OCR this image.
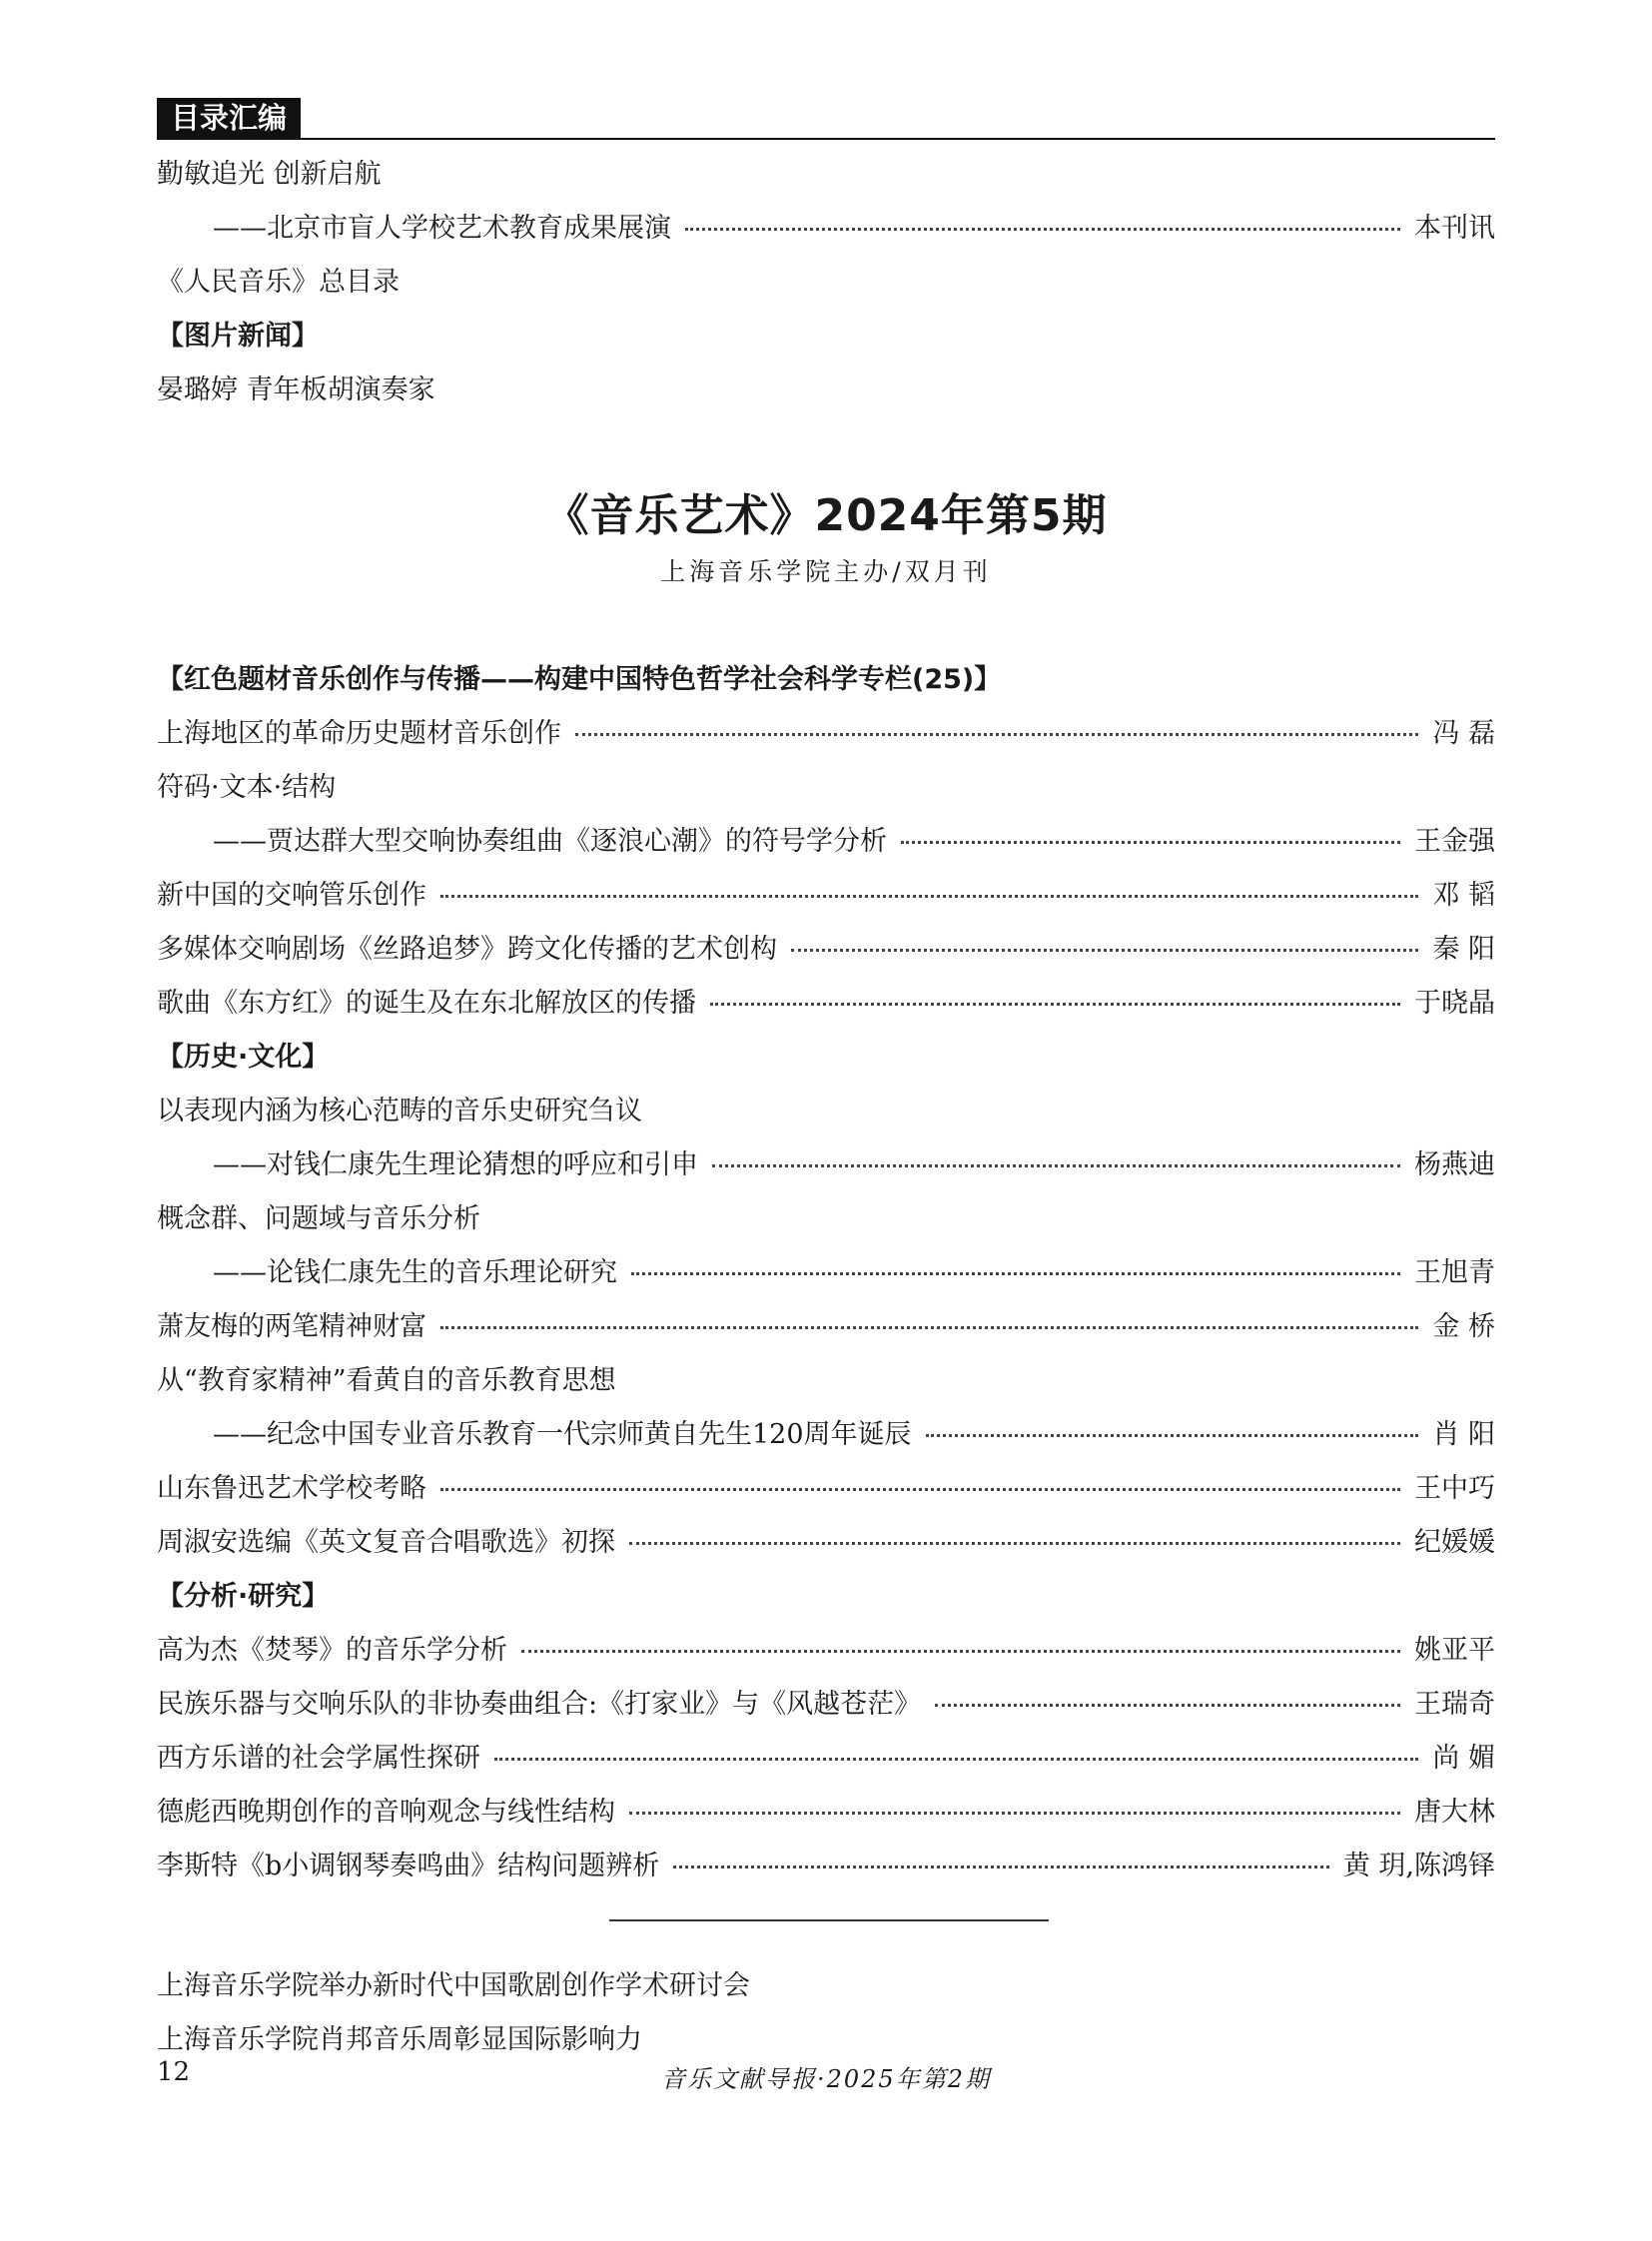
目录汇编
勤敏追光 创新启航
——北京市盲人学校艺术教育成果展演	本刊讯
《人民音乐》总目录
【图片新闻】
晏璐婷 青年板胡演奏家
《音乐艺术》2024年第5期
上海音乐学院主办/双月刊
【红色题材音乐创作与传播——构建中国特色哲学社会科学专栏(25)】
上海地区的革命历史题材音乐创作	冯 磊
符码·文本·结构
——贾达群大型交响协奏组曲《逐浪心潮》的符号学分析	王金强
新中国的交响管乐创作	邓 韬
多媒体交响剧场《丝路追梦》跨文化传播的艺术创构	秦 阳
歌曲《东方红》的诞生及在东北解放区的传播	于晓晶
【历史·文化】
以表现内涵为核心范畴的音乐史研究刍议
——对钱仁康先生理论猜想的呼应和引申	杨燕迪
概念群、问题域与音乐分析
——论钱仁康先生的音乐理论研究	王旭青
萧友梅的两笔精神财富	金 桥
从“教育家精神”看黄自的音乐教育思想
——纪念中国专业音乐教育一代宗师黄自先生120周年诞辰	肖 阳
山东鲁迅艺术学校考略	王中巧
周淑安选编《英文复音合唱歌选》初探	纪媛媛
【分析·研究】
高为杰《焚琴》的音乐学分析	姚亚平
民族乐器与交响乐队的非协奏曲组合:《打家业》与《风越苍茫》	王瑞奇
西方乐谱的社会学属性探研	尚 媚
德彪西晚期创作的音响观念与线性结构	唐大林
李斯特《b小调钢琴奏鸣曲》结构问题辨析	黄 玥,陈鸿铎
上海音乐学院举办新时代中国歌剧创作学术研讨会
上海音乐学院肖邦音乐周彰显国际影响力
12	音乐文献导报·2025年第2期
